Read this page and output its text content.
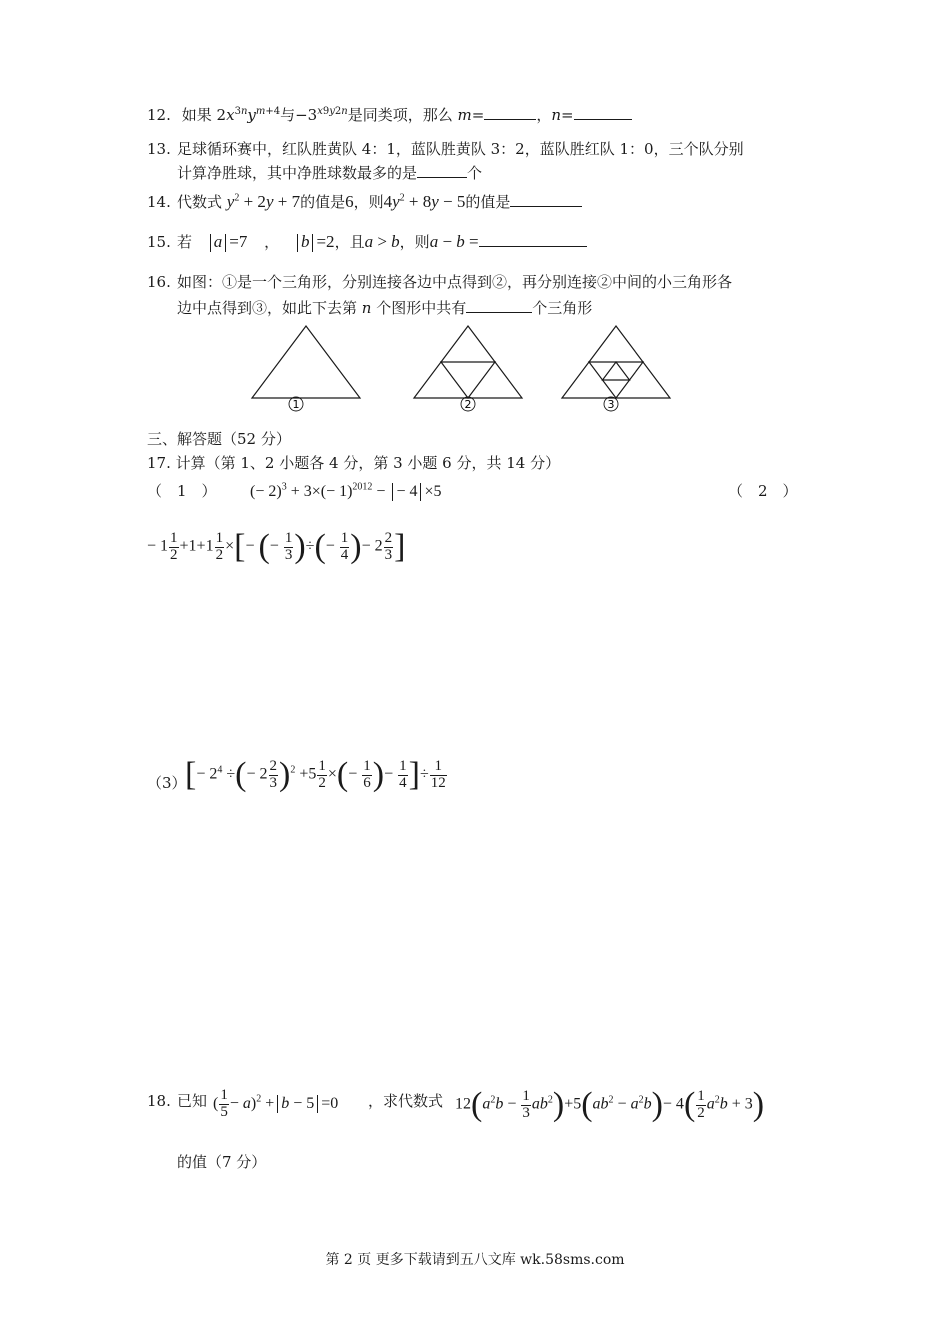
12. 如果 $2x^{3n}y^{m+4}$与$-3^{x9y2n}$是同类项，那么 m=	，n=
13. 足球循环赛中，红队胜黄队 4：1，蓝队胜黄队 3：2，蓝队胜红队 1：0，三个队分别
计算净胜球，其中净胜球数最多的是	个
14. 代数式 $y^2 + 2y + 7$的值是6，则$4y^2 + 8y - 5$的值是
15. 若 a =7 ， b =2，且a > b，则a − b =
16. 如图：①是一个三角形，分别连接各边中点得到②，再分别连接②中间的小三角形各
边中点得到③，如此下去第 n 个图形中共有	个三角形
1	2	3
三、解答题（52 分）
17. 计算（第 1、2 小题各 4 分，第 3 小题 6 分，共 14 分）
（　1　） (− $2)^3 + 3\times(- 1)^{2012}$ − − 4 ×5	（　2　）
− $1 \frac{1}{2} +1+1 \frac{1}{2}$ ×[− (− $\frac{1}{3}$ )÷(− $\frac{1}{4}$ )− $2 \frac{2}{3}$ ]
（3）
[− $2^4$ ÷(− $2 \frac{2}{3} )^2 +5 \frac{1}{2}$ ×(− $\frac{1}{6}$ )− $\frac{1}{4}$ ]÷ $\frac{1}{12}$
18. 已知 ( $\frac{1}{5} - a)^2 + b - 5 =0$ ，求代数式 $12(a^2b - \frac{1}{3} ab^2)+5(ab^2 - a^2b)- 4( \frac{1}{2} a^2b + 3)$
的值（7 分）
第 2 页 更多下载请到五八文库 wk.58sms.com
